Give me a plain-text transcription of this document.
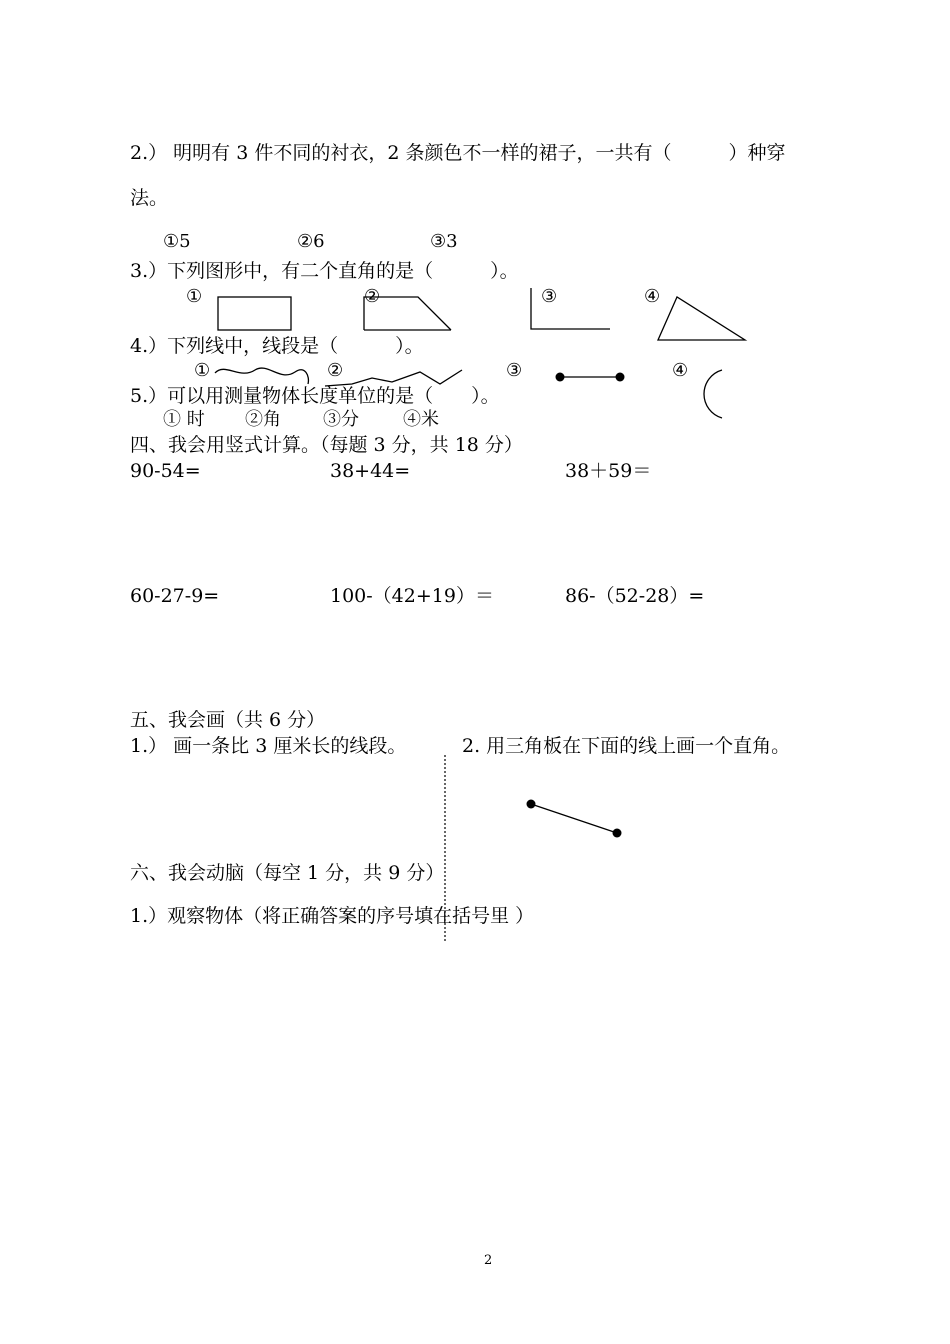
2.） 明明有 3 件不同的衬衣，2 条颜色不一样的裙子，一共有（　　　）种穿
法。
①5	②6	③3
3.）下列图形中，有二个直角的是（　　　）。
①	②	③	④
4.）下列线中，线段是（　　　）。
①	②	③	④
5.）可以用测量物体长度单位的是（　　）。
① 时 ②角 ③分 ④米
四、我会用竖式计算。（每题 3 分，共 18 分）
90-54=	38+44=	38＋59＝
60-27-9=	100-（42+19）＝	86-（52-28）=
五、我会画（共 6 分）
1.） 画一条比 3 厘米长的线段。	2. 用三角板在下面的线上画一个直角。
六、我会动脑（每空 1 分，共 9 分）
1.）观察物体（将正确答案的序号填在括号里 ）
2
